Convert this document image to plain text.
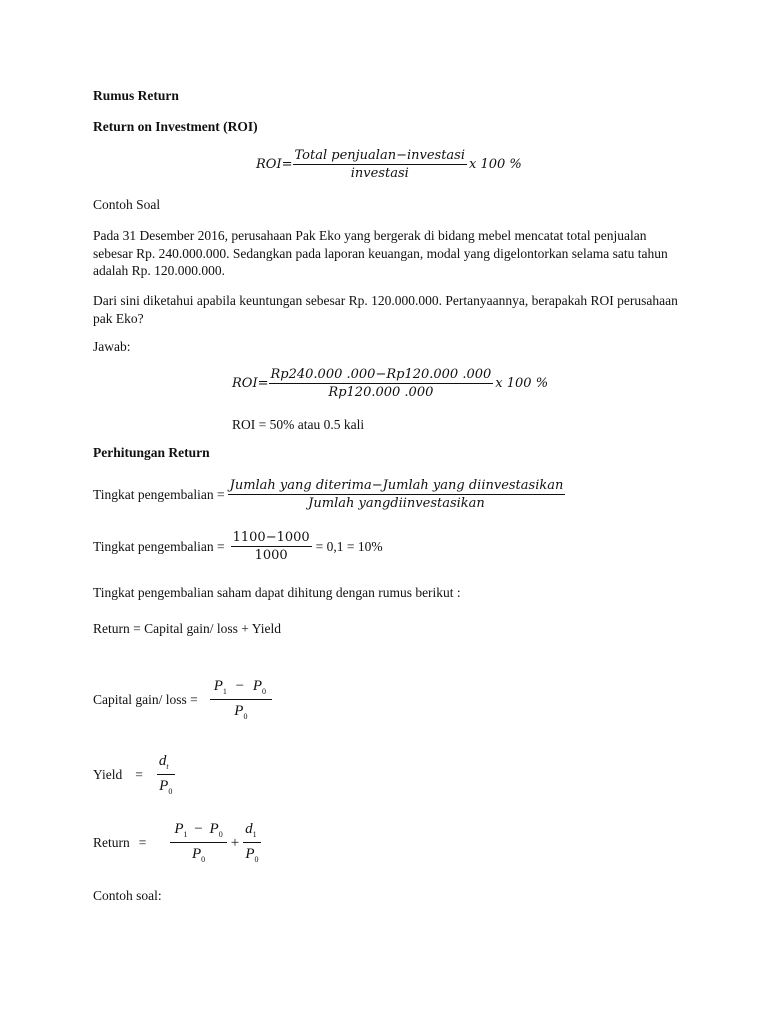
Rumus Return
Return on Investment (ROI)
ROI = $\frac{\text{Total penjualan−investasi}}{\text{investasi}}$ x 100 %
Contoh Soal
Pada 31 Desember 2016, perusahaan Pak Eko yang bergerak di bidang mebel mencatat total penjualan sebesar Rp. 240.000.000. Sedangkan pada laporan keuangan, modal yang digelontorkan selama satu tahun adalah Rp. 120.000.000.
Dari sini diketahui apabila keuntungan sebesar Rp. 120.000.000. Pertanyaannya, berapakah ROI perusahaan pak Eko?
Jawab:
ROI = $\frac{Rp240.000 .000-Rp120.000 .000}{Rp120.000 .000}$ x 100 %
ROI = 50% atau 0.5 kali
Perhitungan Return
Tingkat pengembalian = $\frac{\text{Jumlah yang diterima−Jumlah yang diinvestasikan}}{\text{Jumlah yangdiinvestasikan}}$
Tingkat pengembalian = $\frac{1100-1000}{1000} = 0,1 = 10\%$
Tingkat pengembalian saham dapat dihitung dengan rumus berikut :
Return = Capital gain/ loss + Yield
Capital gain/ loss = $\frac{P_1 - P_0}{P_0}$
Yield = $\frac{d_t}{P_0}$
Return = $\frac{P_1 - P_0}{P_0} + \frac{d_1}{P_0}$
Contoh soal:
